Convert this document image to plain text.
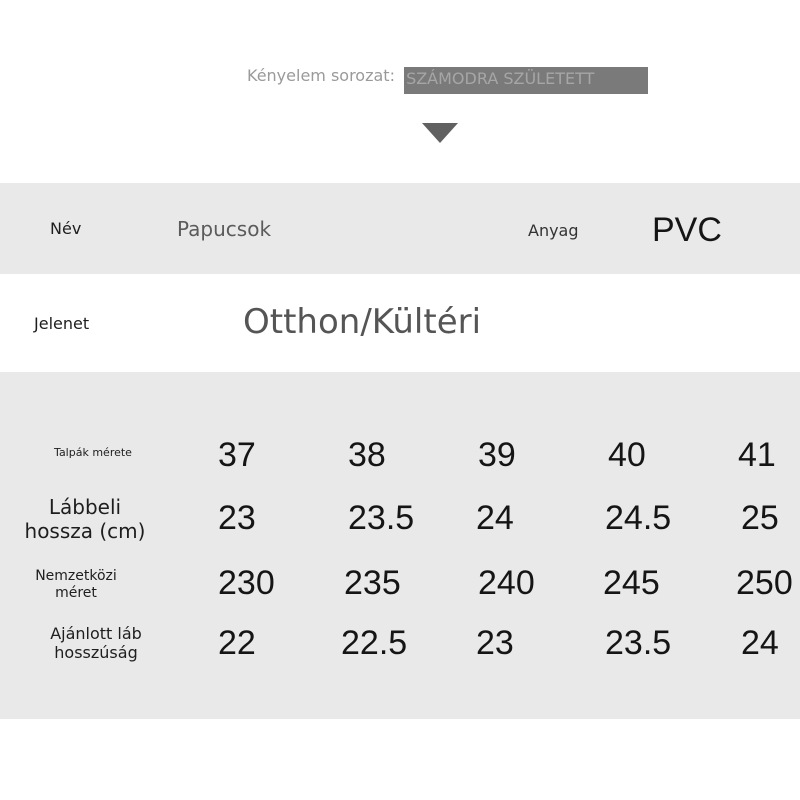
Kényelem sorozat: SZÁMODRA SZÜLETETT
Név	Papucsok	Anyag PVC
Jelenet	Otthon/Kültéri
Talpák mérete	37	38	39	40	41
Lábbeli hossza (cm) 23	23.5 24	24.5 25
Nemzetközi méret	230 235 240 245 250
Ajánlott láb hosszúság	22	22.5 23	23.5 24
